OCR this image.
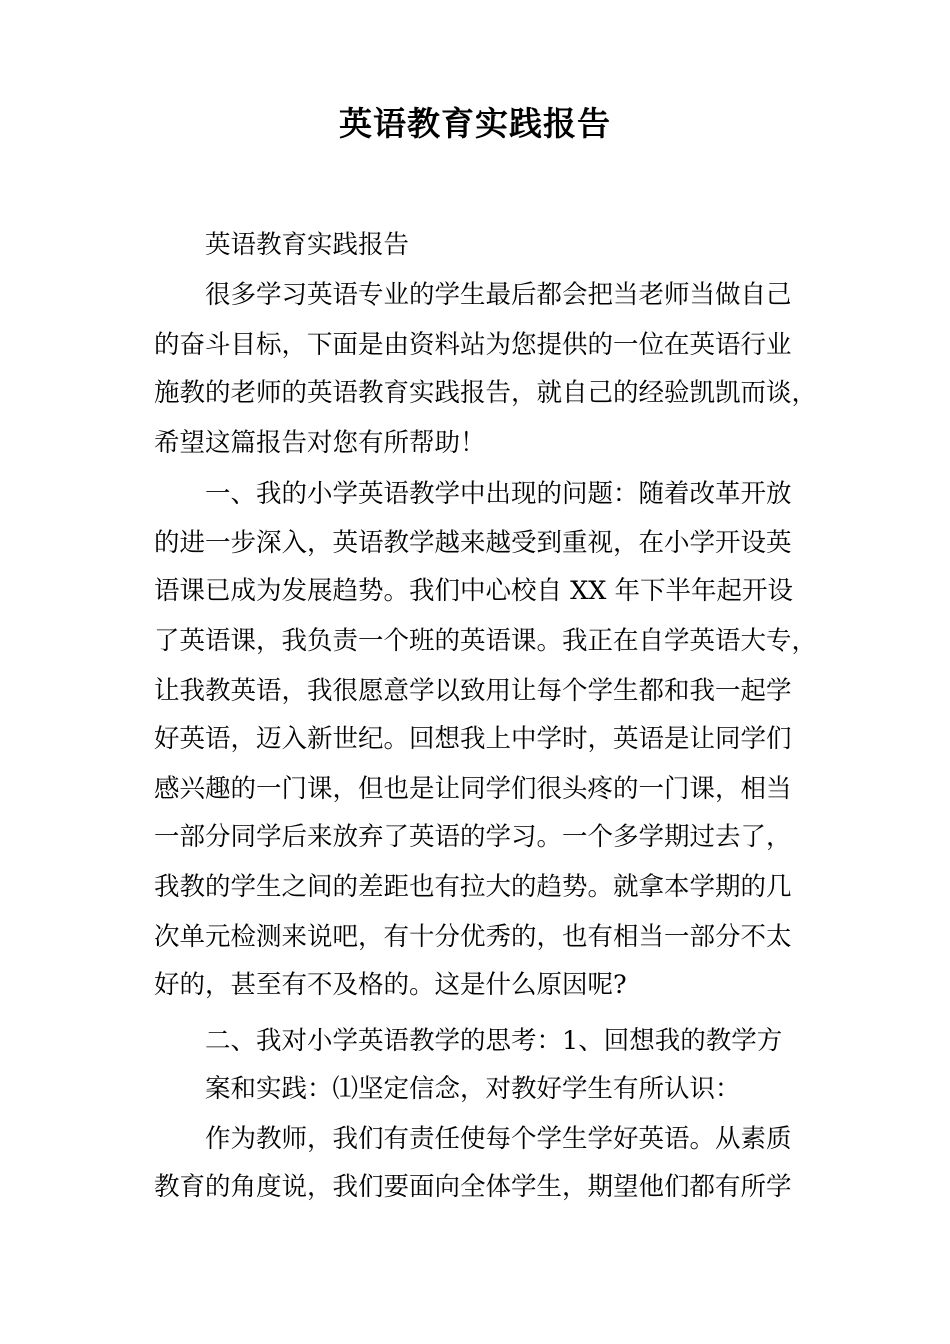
英语教育实践报告
英语教育实践报告
很多学习英语专业的学生最后都会把当老师当做自己
的奋斗目标，下面是由资料站为您提供的一位在英语行业
施教的老师的英语教育实践报告，就自己的经验凯凯而谈，
希望这篇报告对您有所帮助！
一、我的小学英语教学中出现的问题：随着改革开放
的进一步深入，英语教学越来越受到重视，在小学开设英
语课已成为发展趋势。我们中心校自 XX 年下半年起开设
了英语课，我负责一个班的英语课。我正在自学英语大专，
让我教英语，我很愿意学以致用让每个学生都和我一起学
好英语，迈入新世纪。回想我上中学时，英语是让同学们
感兴趣的一门课，但也是让同学们很头疼的一门课，相当
一部分同学后来放弃了英语的学习。一个多学期过去了，
我教的学生之间的差距也有拉大的趋势。就拿本学期的几
次单元检测来说吧，有十分优秀的，也有相当一部分不太
好的，甚至有不及格的。这是什么原因呢?
二、我对小学英语教学的思考：1、回想我的教学方
案和实践：⑴坚定信念，对教好学生有所认识：
作为教师，我们有责任使每个学生学好英语。从素质
教育的角度说，我们要面向全体学生，期望他们都有所学
